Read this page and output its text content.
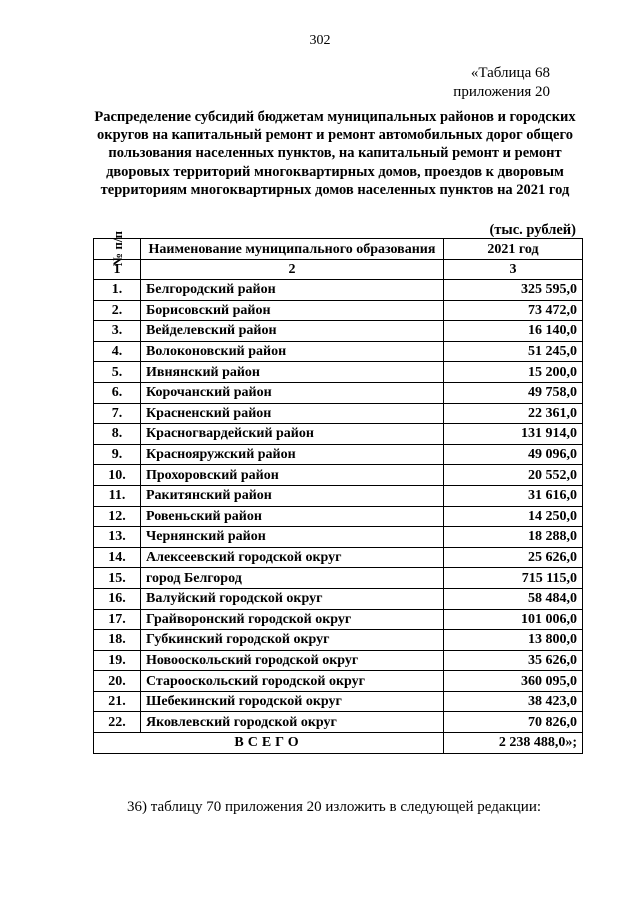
302
«Таблица 68
приложения 20
Распределение субсидий бюджетам муниципальных районов и городских округов на капитальный ремонт и ремонт автомобильных дорог общего пользования населенных пунктов, на капитальный ремонт и ремонт дворовых территорий многоквартирных домов, проездов к дворовым территориям многоквартирных домов населенных пунктов на 2021 год
(тыс. рублей)
№ п/п	Наименование муниципального образования	2021 год
1	2	3
1.	Белгородский район	325 595,0
2.	Борисовский район	73 472,0
3.	Вейделевский район	16 140,0
4.	Волоконовский район	51 245,0
5.	Ивнянский район	15 200,0
6.	Корочанский район	49 758,0
7.	Красненский район	22 361,0
8.	Красногвардейский район	131 914,0
9.	Краснояружский район	49 096,0
10.	Прохоровский район	20 552,0
11.	Ракитянский район	31 616,0
12.	Ровеньский район	14 250,0
13.	Чернянский район	18 288,0
14.	Алексеевский городской округ	25 626,0
15.	город Белгород	715 115,0
16.	Валуйский городской округ	58 484,0
17.	Грайворонский городской округ	101 006,0
18.	Губкинский городской округ	13 800,0
19.	Новооскольский городской округ	35 626,0
20.	Старооскольский городской округ	360 095,0
21.	Шебекинский городской округ	38 423,0
22.	Яковлевский городской округ	70 826,0
ВСЕГО		2 238 488,0»;
36) таблицу 70 приложения 20 изложить в следующей редакции:
